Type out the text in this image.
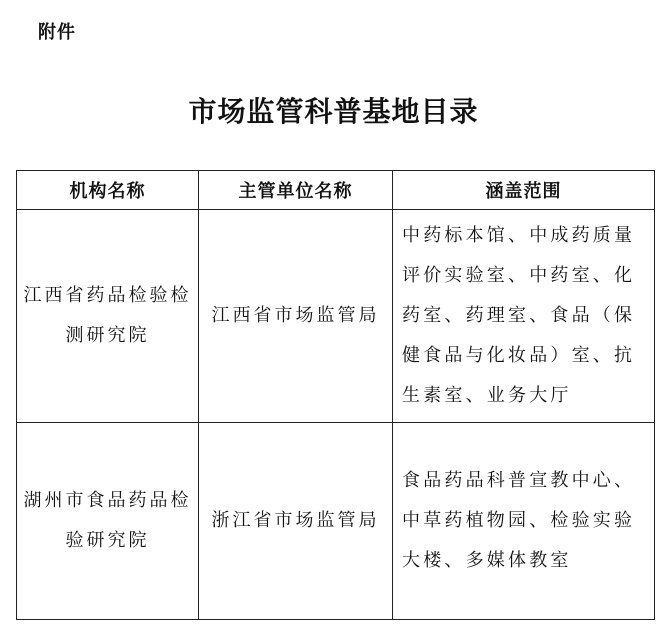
附件
市场监管科普基地目录
机构名称	主管单位名称	涵盖范围
江西省药品检验检测研究院	江西省市场监管局	中药标本馆、中成药质量评价实验室、中药室、化药室、药理室、食品（保健食品与化妆品）室、抗生素室、业务大厅
湖州市食品药品检验研究院	浙江省市场监管局	食品药品科普宣教中心、中草药植物园、检验实验大楼、多媒体教室
